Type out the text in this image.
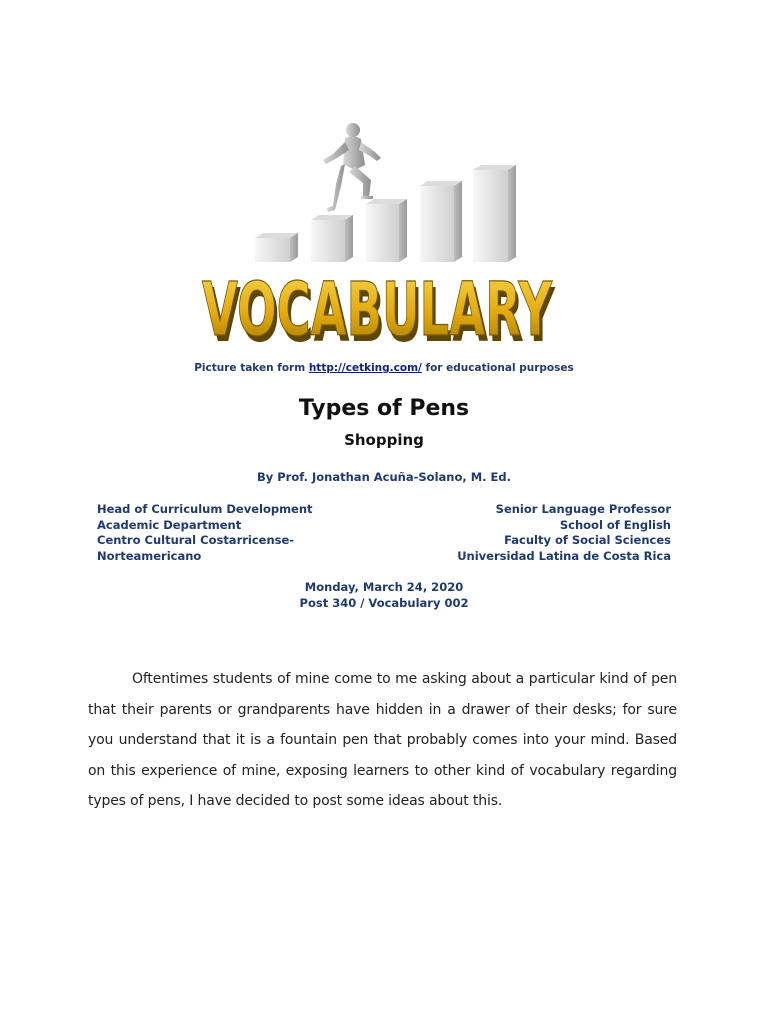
VOCABULARY
VOCABULARY
Picture taken form http://cetking.com/ for educational purposes
Types of Pens
Shopping
By Prof. Jonathan Acuña-Solano, M. Ed.
Head of Curriculum Development
Academic Department
Centro Cultural Costarricense-
Norteamericano
Senior Language Professor
School of English
Faculty of Social Sciences
Universidad Latina de Costa Rica
Monday, March 24, 2020
Post 340 / Vocabulary 002

Oftentimes students of mine come to me asking about a particular kind of pen that their parents or grandparents have hidden in a drawer of their desks; for sure you understand that it is a fountain pen that probably comes into your mind. Based on this experience of mine, exposing learners to other kind of vocabulary regarding types of pens, I have decided to post some ideas about this.
